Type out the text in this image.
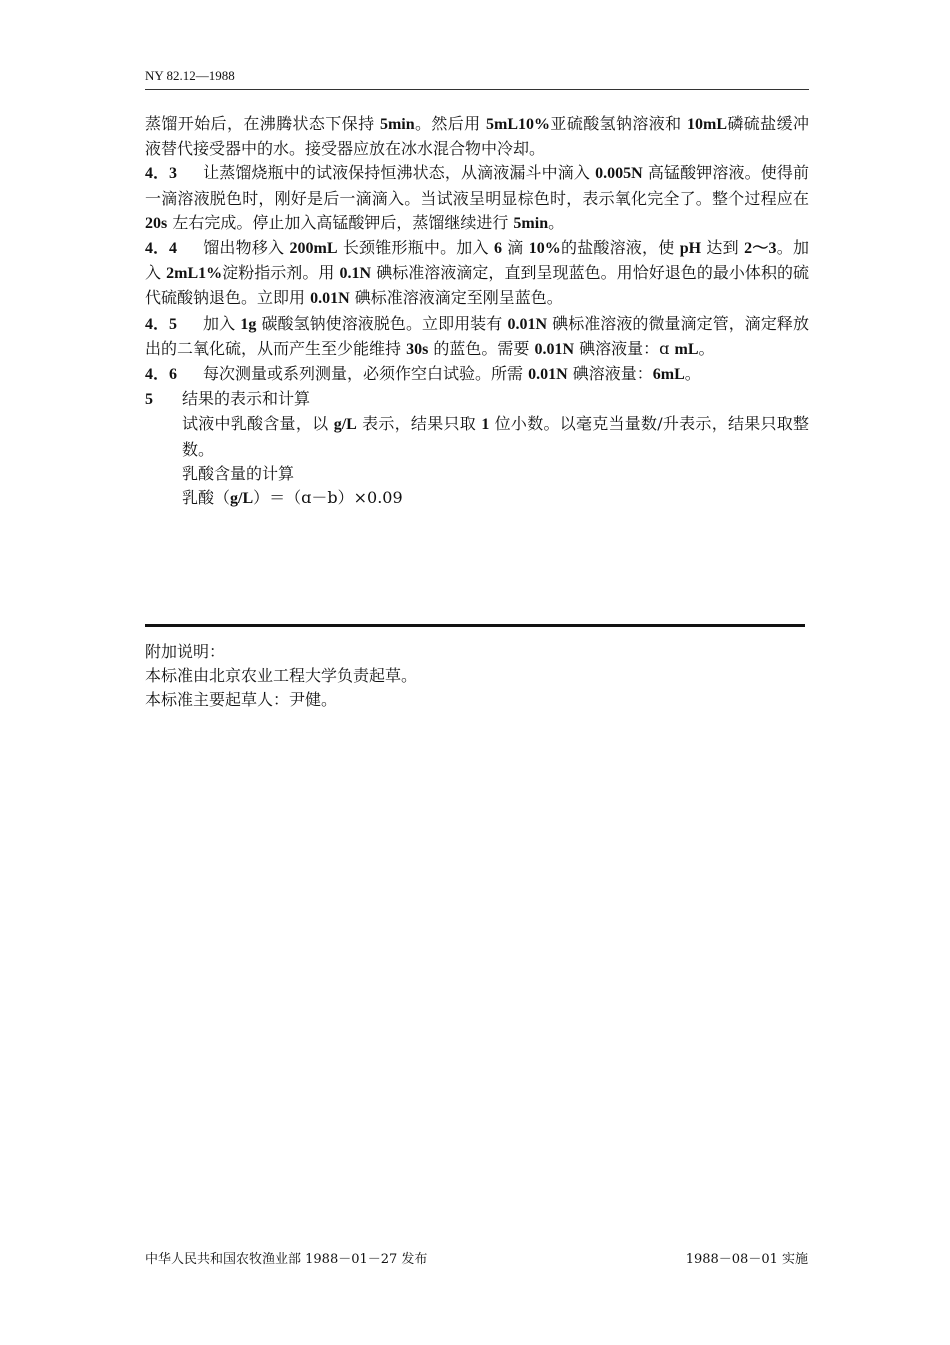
NY 82.12—1988

蒸馏开始后，在沸腾状态下保持 5min。然后用 5mL10%亚硫酸氢钠溶液和 10mL磷硫盐缓冲液替代接受器中的水。接受器应放在冰水混合物中冷却。

4．3 让蒸馏烧瓶中的试液保持恒沸状态，从滴液漏斗中滴入 0.005N 高锰酸钾溶液。使得前一滴溶液脱色时，刚好是后一滴滴入。当试液呈明显棕色时，表示氧化完全了。整个过程应在 20s 左右完成。停止加入高锰酸钾后，蒸馏继续进行 5min。

4．4 馏出物移入 200mL 长颈锥形瓶中。加入 6 滴 10%的盐酸溶液，使 pH 达到 2～3。加入 2mL1%淀粉指示剂。用 0.1N 碘标准溶液滴定，直到呈现蓝色。用恰好退色的最小体积的硫代硫酸钠退色。立即用 0.01N 碘标准溶液滴定至刚呈蓝色。

4．5 加入 1g 碳酸氢钠使溶液脱色。立即用装有 0.01N 碘标准溶液的微量滴定管，滴定释放出的二氧化硫，从而产生至少能维持 30s 的蓝色。需要 0.01N 碘溶液量：ɑ mL。

4．6 每次测量或系列测量，必须作空白试验。所需 0.01N 碘溶液量：6mL。

5 结果的表示和计算

试液中乳酸含量，以 g/L 表示，结果只取 1 位小数。以毫克当量数/升表示，结果只取整数。

乳酸含量的计算

乳酸（g/L）＝（ɑ－b）×0.09

附加说明：

本标准由北京农业工程大学负责起草。

本标准主要起草人：尹健。

中华人民共和国农牧渔业部 1988－01－27 发布	1988－08－01 实施
